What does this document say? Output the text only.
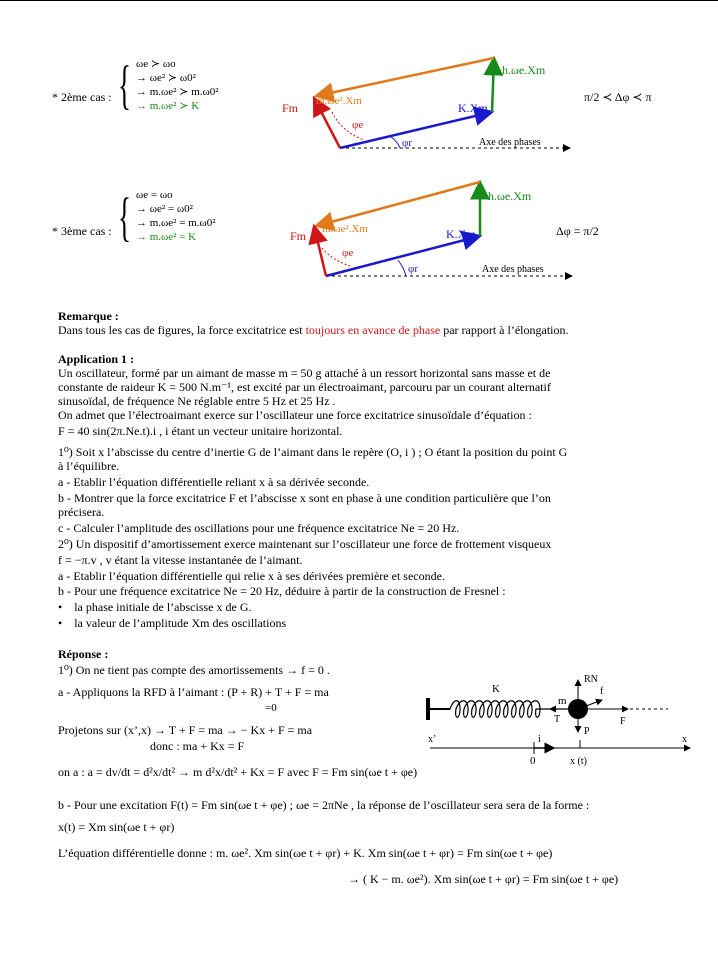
* 2ème cas : { ωe ≻ ωo
→ ωe² ≻ ω0²
→ m.ωe² ≻ m.ω0²
→ m.ωe² ≻ K	Fm m.ωe².Xm
φe
K.Xm
φr	Axe des phases
h.ωe.Xm
π/2 ≺ Δφ ≺ π
* 3ème cas : { ωe = ωo
→ ωe² = ω0²
→ m.ωe² = m.ω0²
→ m.ωe² = K	Fm m.ωe².Xm
φe
K.Xm
φr	Axe des phases
h.ωe.Xm
Δφ = π/2
Remarque :
Dans tous les cas de figures, la force excitatrice est toujours en avance de phase par rapport à l’élongation.
Application 1 :
Un oscillateur, formé par un aimant de masse m = 50 g attaché à un ressort horizontal sans masse et de
constante de raideur K = 500 N.m⁻¹, est excité par un électroaimant, parcouru par un courant alternatif
sinusoïdal, de fréquence Ne réglable entre 5 Hz et 25 Hz .
On admet que l’électroaimant exerce sur l’oscillateur une force excitatrice sinusoïdale d’équation :
F = 40 sin(2π.Ne.t).i , i étant un vecteur unitaire horizontal.
1⁰) Soit x l’abscisse du centre d’inertie G de l’aimant dans le repère (O, i ) ; O étant la position du point G
à l’équilibre.
a - Etablir l’équation différentielle reliant x à sa dérivée seconde.
b - Montrer que la force excitatrice F et l’abscisse x sont en phase à une condition particulière que l’on
précisera.
c - Calculer l’amplitude des oscillations pour une fréquence excitatrice Ne = 20 Hz.
2⁰) Un dispositif d’amortissement exerce maintenant sur l’oscillateur une force de frottement visqueux
f = −π.v , v étant la vitesse instantanée de l’aimant.
a - Etablir l’équation différentielle qui relie x à ses dérivées première et seconde.
b - Pour une fréquence excitatrice Ne = 20 Hz, déduire à partir de la construction de Fresnel :
•    la phase initiale de l’abscisse x de G.
•    la valeur de l’amplitude Xm des oscillations
Réponse :
1⁰) On ne tient pas compte des amortissements → f = 0 .
a - Appliquons la RFD à l’aimant : (P + R) + T + F = ma
=0
Projetons sur (x’,x) → T + F = ma → − Kx + F = ma
donc : ma + Kx = F
on a : a = dv/dt = d²x/dt² → m d²x/dt² + Kx = F avec F = Fm sin(ωe t + φe)
b - Pour une excitation F(t) = Fm sin(ωe t + φe) ; ωe = 2πNe , la réponse de l’oscillateur sera sera de la forme :
x(t) = Xm sin(ωe t + φr)
L’équation différentielle donne : m. ωe². Xm sin(ωe t + φr) + K. Xm sin(ωe t + φr) = Fm sin(ωe t + φe)
→ ( K − m. ωe²). Xm sin(ωe t + φr) = Fm sin(ωe t + φe)
K
m
RN
f
F
T
P
i
x’	x
0	x (t)
